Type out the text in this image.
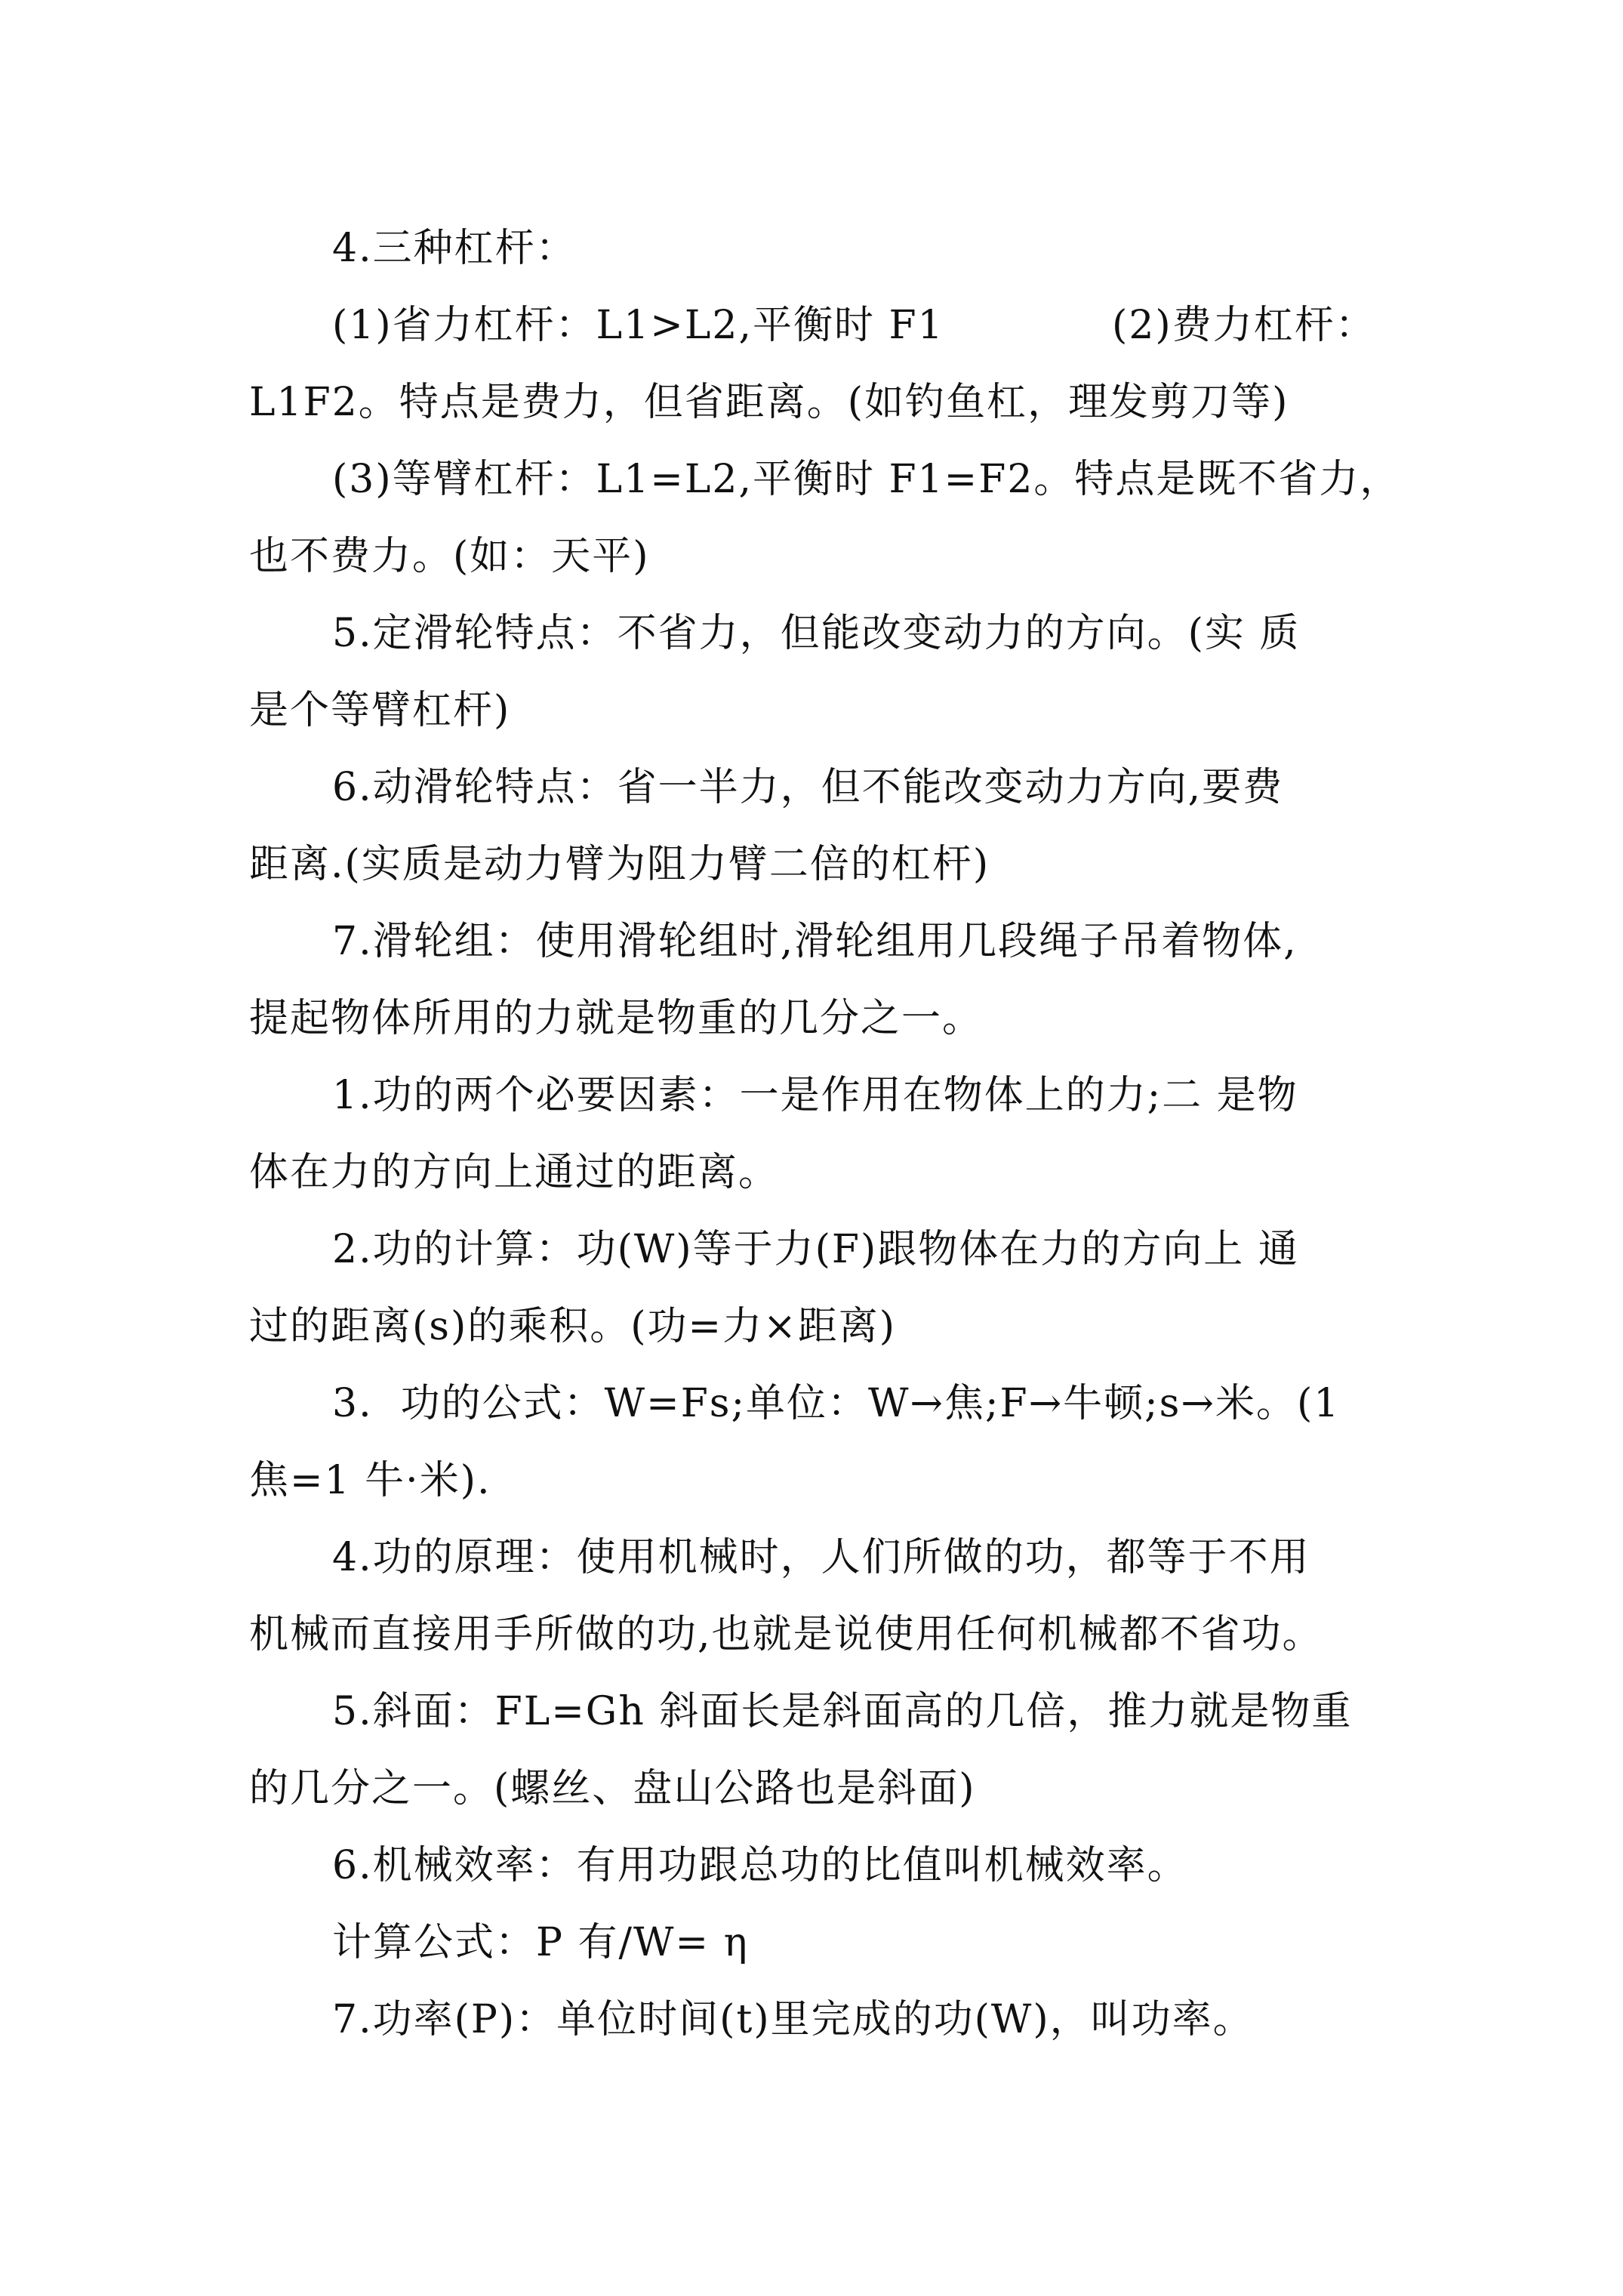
4.三种杠杆：
(1)省力杠杆：L1>L2,平衡时 F1            (2)费力杠杆：
L1F2。特点是费力，但省距离。(如钓鱼杠，理发剪刀等)
(3)等臂杠杆：L1=L2,平衡时 F1=F2。特点是既不省力，
也不费力。(如：天平)
5.定滑轮特点：不省力，但能改变动力的方向。(实 质
是个等臂杠杆)
6.动滑轮特点：省一半力，但不能改变动力方向,要费
距离.(实质是动力臂为阻力臂二倍的杠杆)
7.滑轮组：使用滑轮组时,滑轮组用几段绳子吊着物体,
提起物体所用的力就是物重的几分之一。
1.功的两个必要因素：一是作用在物体上的力;二 是物
体在力的方向上通过的距离。
2.功的计算：功(W)等于力(F)跟物体在力的方向上 通
过的距离(s)的乘积。(功=力×距离)
3.  功的公式：W=Fs;单位：W→焦;F→牛顿;s→米。(1
焦=1 牛·米).
4.功的原理：使用机械时，人们所做的功，都等于不用
机械而直接用手所做的功,也就是说使用任何机械都不省功。
5.斜面：FL=Gh 斜面长是斜面高的几倍，推力就是物重
的几分之一。(螺丝、盘山公路也是斜面)
6.机械效率：有用功跟总功的比值叫机械效率。
计算公式：P 有/W= η
7.功率(P)：单位时间(t)里完成的功(W)，叫功率。
